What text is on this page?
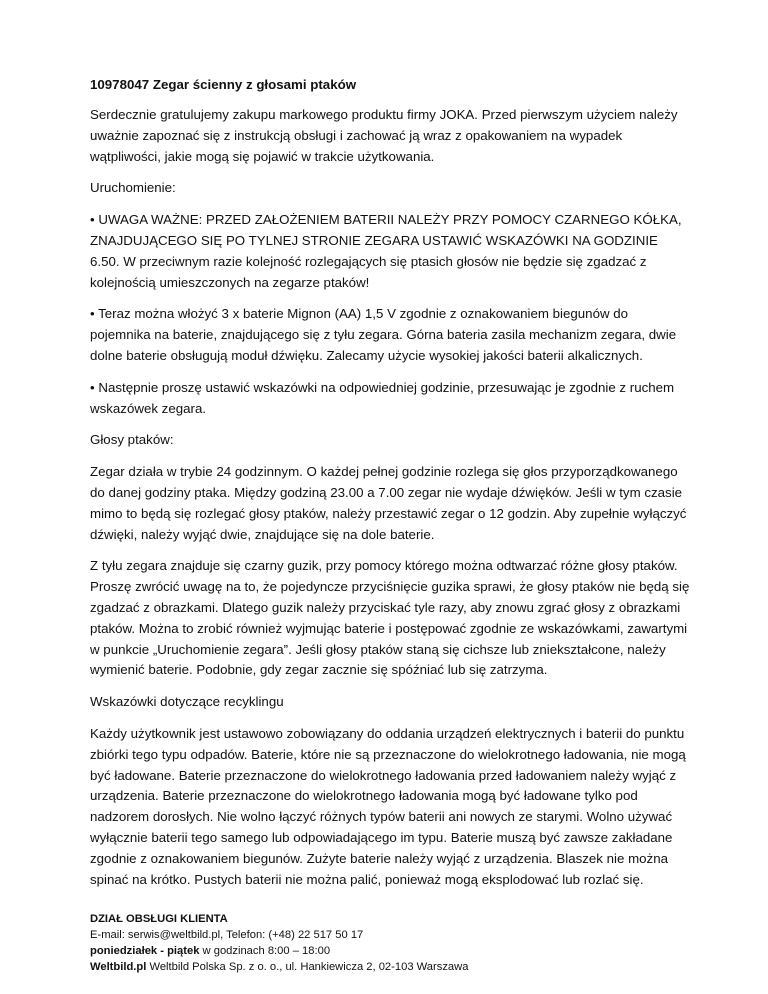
10978047 Zegar ścienny z głosami ptaków

Serdecznie gratulujemy zakupu markowego produktu firmy JOKA. Przed pierwszym użyciem należy uważnie zapoznać się z instrukcją obsługi i zachować ją wraz z opakowaniem na wypadek wątpliwości, jakie mogą się pojawić w trakcie użytkowania.

Uruchomienie:

• UWAGA WAŻNE: PRZED ZAŁOŻENIEM BATERII NALEŻY PRZY POMOCY CZARNEGO KÓŁKA, ZNAJDUJĄCEGO SIĘ PO TYLNEJ STRONIE ZEGARA USTAWIĆ WSKAZÓWKI NA GODZINIE 6.50. W przeciwnym razie kolejność rozlegających się ptasich głosów nie będzie się zgadzać z kolejnością umieszczonych na zegarze ptaków!

• Teraz można włożyć 3 x baterie Mignon (AA) 1,5 V zgodnie z oznakowaniem biegunów do pojemnika na baterie, znajdującego się z tyłu zegara. Górna bateria zasila mechanizm zegara, dwie dolne baterie obsługują moduł dźwięku. Zalecamy użycie wysokiej jakości baterii alkalicznych.

• Następnie proszę ustawić wskazówki na odpowiedniej godzinie, przesuwając je zgodnie z ruchem wskazówek zegara.

Głosy ptaków:

Zegar działa w trybie 24 godzinnym. O każdej pełnej godzinie rozlega się głos przyporządkowanego do danej godziny ptaka. Między godziną 23.00 a 7.00 zegar nie wydaje dźwięków. Jeśli w tym czasie mimo to będą się rozlegać głosy ptaków, należy przestawić zegar o 12 godzin. Aby zupełnie wyłączyć dźwięki, należy wyjąć dwie, znajdujące się na dole baterie.

Z tyłu zegara znajduje się czarny guzik, przy pomocy którego można odtwarzać różne głosy ptaków. Proszę zwrócić uwagę na to, że pojedyncze przyciśnięcie guzika sprawi, że głosy ptaków nie będą się zgadzać z obrazkami. Dlatego guzik należy przyciskać tyle razy, aby znowu zgrać głosy z obrazkami ptaków. Można to zrobić również wyjmując baterie i postępować zgodnie ze wskazówkami, zawartymi w punkcie „Uruchomienie zegara”. Jeśli głosy ptaków staną się cichsze lub zniekształcone, należy wymienić baterie. Podobnie, gdy zegar zacznie się spóźniać lub się zatrzyma.

Wskazówki dotyczące recyklingu

Każdy użytkownik jest ustawowo zobowiązany do oddania urządzeń elektrycznych i baterii do punktu zbiórki tego typu odpadów. Baterie, które nie są przeznaczone do wielokrotnego ładowania, nie mogą być ładowane. Baterie przeznaczone do wielokrotnego ładowania przed ładowaniem należy wyjąć z urządzenia. Baterie przeznaczone do wielokrotnego ładowania mogą być ładowane tylko pod nadzorem dorosłych. Nie wolno łączyć różnych typów baterii ani nowych ze starymi. Wolno używać wyłącznie baterii tego samego lub odpowiadającego im typu. Baterie muszą być zawsze zakładane zgodnie z oznakowaniem biegunów. Zużyte baterie należy wyjąć z urządzenia. Blaszek nie można spinać na krótko. Pustych baterii nie można palić, ponieważ mogą eksplodować lub rozlać się.

DZIAŁ OBSŁUGI KLIENTA
E-mail: serwis@weltbild.pl, Telefon: (+48) 22 517 50 17
poniedziałek - piątek w godzinach 8:00 – 18:00
Weltbild.pl Weltbild Polska Sp. z o. o., ul. Hankiewicza 2, 02-103 Warszawa
